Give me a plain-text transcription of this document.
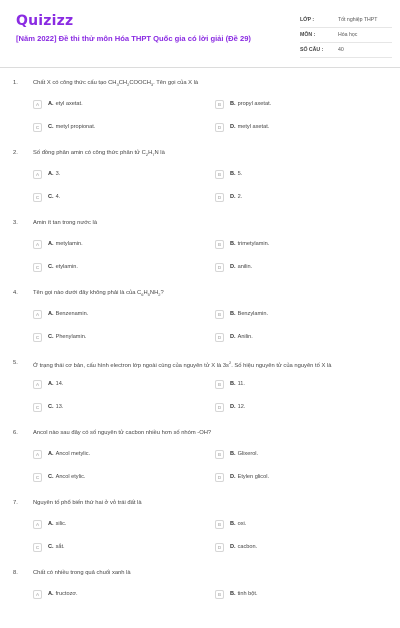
Quizizz
[Năm 2022] Đề thi thử môn Hóa THPT Quốc gia có lời giải (Đề 29)
LỚP :	Tốt nghiệp THPT
MÔN :	Hóa học
SỐ CÂU :	40
1.	Chất X có công thức cấu tạo $CH_3CH_2COOCH_3$. Tên gọi của X là
A	A. etyl axetat.	B	B. propyl axetat.
C	C. metyl propionat.	D	D. metyl axetat.
2.	Số đồng phân amin có công thức phân tử $C_2H_7N$ là
A	A. 3.	B	B. 5.
C	C. 4.	D	D. 2.
3.	Amin ít tan trong nước là
A	A. metylamin.	B	B. trimetylamin.
C	C. etylamin.	D	D. anilin.
4.	Tên gọi nào dưới đây không phải là của $C_6H_5NH_2$?
A	A. Benzenamin.	B	B. Benzylamin.
C	C. Phenylamin.	D	D. Anilin.
5.	Ở trạng thái cơ bản, cấu hình electron lớp ngoài cùng của nguyên tử X là $3s^2$. Số hiệu nguyên tử của nguyên tố X là
A	A. 14.	B	B. 11.
C	C. 13.	D	D. 12.
6.	Ancol nào sau đây có số nguyên tử cacbon nhiều hơn số nhóm -OH?
A	A. Ancol metylic.	B	B. Glixerol.
C	C. Ancol etylic.	D	D. Etylen glicol.
7.	Nguyên tố phổ biến thứ hai ở vỏ trái đất là
A	A. silic.	B	B. oxi.
C	C. sắt.	D	D. cacbon.
8.	Chất có nhiều trong quả chuối xanh là
A	A. fructozơ.	B	B. tinh bột.
